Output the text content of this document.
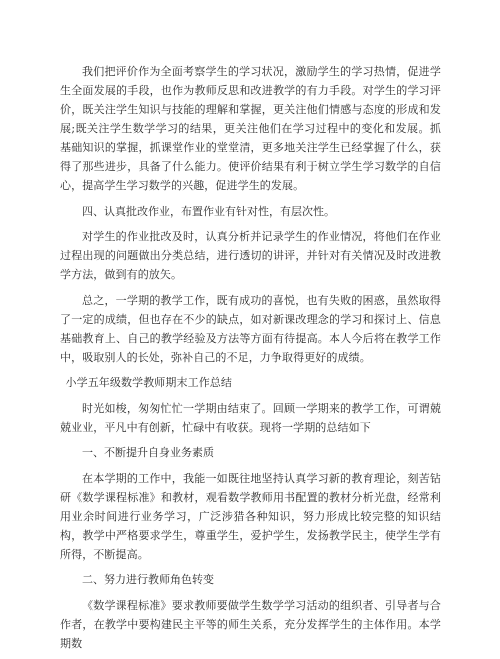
我们把评价作为全面考察学生的学习状况，激励学生的学习热情，促进学生全面发展的手段，也作为教师反思和改进教学的有力手段。对学生的学习评价，既关注学生知识与技能的理解和掌握，更关注他们情感与态度的形成和发展;既关注学生数学学习的结果，更关注他们在学习过程中的变化和发展。抓基础知识的掌握，抓课堂作业的堂堂清，更多地关注学生已经掌握了什么，获得了那些进步，具备了什么能力。使评价结果有利于树立学生学习数学的自信心，提高学生学习数学的兴趣，促进学生的发展。

四、认真批改作业，布置作业有针对性，有层次性。

对学生的作业批改及时，认真分析并记录学生的作业情况，将他们在作业过程出现的问题做出分类总结，进行透切的讲评，并针对有关情况及时改进教学方法，做到有的放矢。

总之，一学期的教学工作，既有成功的喜悦，也有失败的困惑，虽然取得了一定的成绩，但也存在不少的缺点，如对新课改理念的学习和探讨上、信息基础教育上、自己的教学经验及方法等方面有待提高。本人今后将在教学工作中，吸取别人的长处，弥补自己的不足，力争取得更好的成绩。

小学五年级数学教师期末工作总结

时光如梭，匆匆忙忙一学期由结束了。回顾一学期来的教学工作，可谓兢兢业业，平凡中有创新，忙碌中有收获。现将一学期的总结如下

一、不断提升自身业务素质

在本学期的工作中，我能一如既往地坚持认真学习新的教育理论，刻苦钻研《数学课程标准》和教材，观看数学教师用书配置的教材分析光盘，经常利用业余时间进行业务学习，广泛涉猎各种知识，努力形成比较完整的知识结构，教学中严格要求学生，尊重学生，爱护学生，发扬教学民主，使学生学有所得，不断提高。

二、努力进行教师角色转变

《数学课程标准》要求教师要做学生数学学习活动的组织者、引导者与合作者，在教学中要构建民主平等的师生关系，充分发挥学生的主体作用。本学期数
